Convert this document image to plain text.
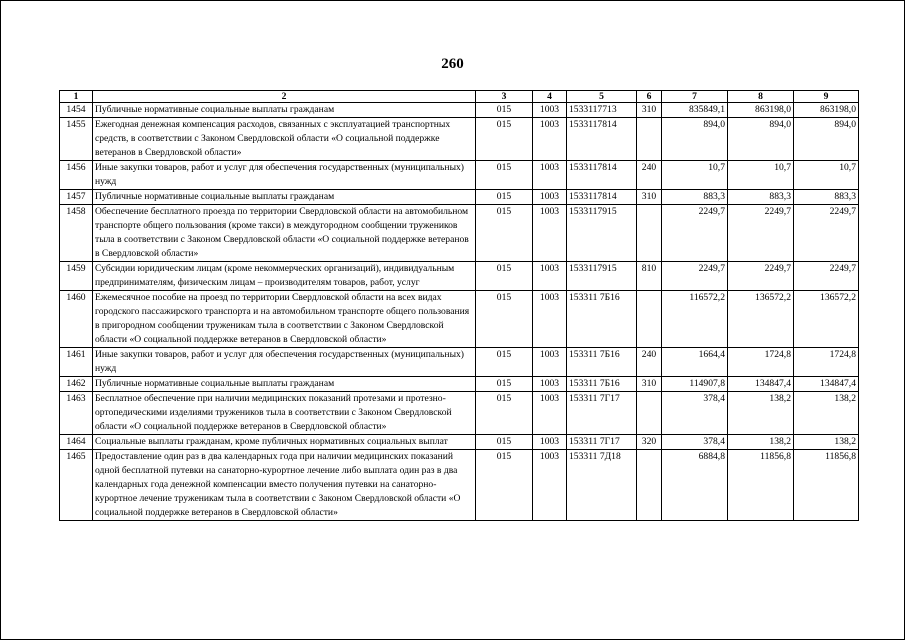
260
1	2	3	4	5	6	7	8	9
1454	Публичные нормативные социальные выплаты гражданам	015	1003	1533117713	310	835849,1	863198,0	863198,0
1455	Ежегодная денежная компенсация расходов, связанных с эксплуатацией транспортных средств, в соответствии с Законом Свердловской области «О социальной поддержке ветеранов в Свердловской области»	015	1003	1533117814		894,0	894,0	894,0
1456	Иные закупки товаров, работ и услуг для обеспечения государственных (муниципальных) нужд	015	1003	1533117814	240	10,7	10,7	10,7
1457	Публичные нормативные социальные выплаты гражданам	015	1003	1533117814	310	883,3	883,3	883,3
1458	Обеспечение бесплатного проезда по территории Свердловской области на автомобильном транспорте общего пользования (кроме такси) в междугородном сообщении тружеников тыла в соответствии с Законом Свердловской области «О социальной поддержке ветеранов в Свердловской области»	015	1003	1533117915		2249,7	2249,7	2249,7
1459	Субсидии юридическим лицам (кроме некоммерческих организаций), индивидуальным предпринимателям, физическим лицам – производителям товаров, работ, услуг	015	1003	1533117915	810	2249,7	2249,7	2249,7
1460	Ежемесячное пособие на проезд по территории Свердловской области на всех видах городского пассажирского транспорта и на автомобильном транспорте общего пользования в пригородном сообщении труженикам тыла в соответствии с Законом Свердловской области «О социальной поддержке ветеранов в Свердловской области»	015	1003	153311 7Б16		116572,2	136572,2	136572,2
1461	Иные закупки товаров, работ и услуг для обеспечения государственных (муниципальных) нужд	015	1003	153311 7Б16	240	1664,4	1724,8	1724,8
1462	Публичные нормативные социальные выплаты гражданам	015	1003	153311 7Б16	310	114907,8	134847,4	134847,4
1463	Бесплатное обеспечение при наличии медицинских показаний протезами и протезно-ортопедическими изделиями тружеников тыла в соответствии с Законом Свердловской области «О социальной поддержке ветеранов в Свердловской области»	015	1003	153311 7Г17		378,4	138,2	138,2
1464	Социальные выплаты гражданам, кроме публичных нормативных социальных выплат	015	1003	153311 7Г17	320	378,4	138,2	138,2
1465	Предоставление один раз в два календарных года при наличии медицинских показаний одной бесплатной путевки на санаторно-курортное лечение либо выплата один раз в два календарных года денежной компенсации вместо получения путевки на санаторно-курортное лечение труженикам тыла в соответствии с Законом Свердловской области «О социальной поддержке ветеранов в Свердловской области»	015	1003	153311 7Д18		6884,8	11856,8	11856,8
